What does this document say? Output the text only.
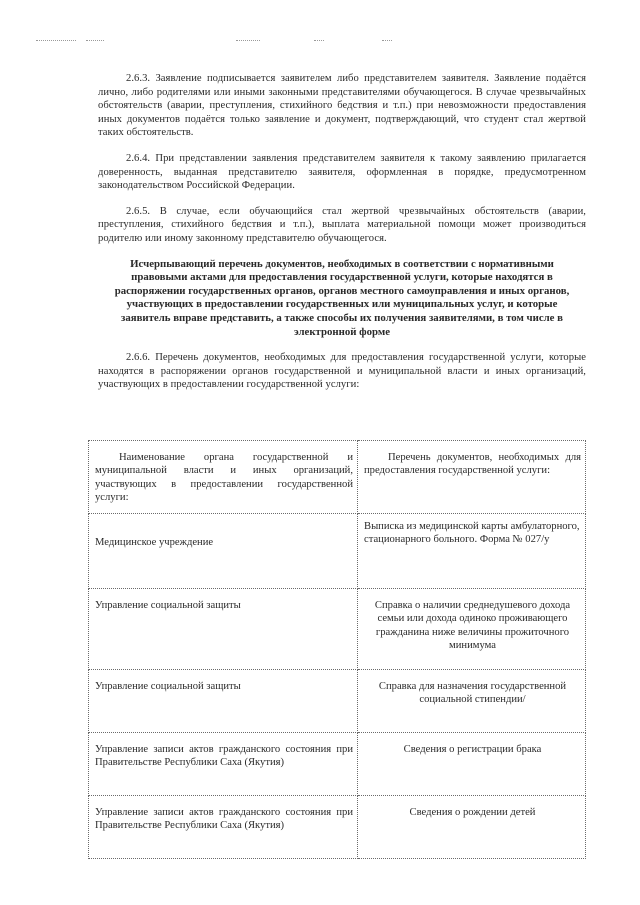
2.6.3. Заявление подписывается заявителем либо представителем заявителя. Заявление подаётся лично, либо родителями или иными законными представителями обучающегося. В случае чрезвычайных обстоятельств (аварии, преступления, стихийного бедствия и т.п.) при невозможности предоставления иных документов подаётся только заявление и документ, подтверждающий, что студент стал жертвой таких обстоятельств.

2.6.4. При представлении заявления представителем заявителя к такому заявлению прилагается доверенность, выданная представителю заявителя, оформленная в порядке, предусмотренном законодательством Российской Федерации.

2.6.5. В случае, если обучающийся стал жертвой чрезвычайных обстоятельств (аварии, преступления, стихийного бедствия и т.п.), выплата материальной помощи может производиться родителю или иному законному представителю обучающегося.

Исчерпывающий перечень документов, необходимых в соответствии с нормативными правовыми актами для предоставления государственной услуги, которые находятся в распоряжении государственных органов, органов местного самоуправления и иных органов, участвующих в предоставлении государственных или муниципальных услуг, и которые заявитель вправе представить, а также способы их получения заявителями, в том числе в электронной форме

2.6.6. Перечень документов, необходимых для предоставления государственной услуги, которые находятся в распоряжении органов государственной и муниципальной власти и иных организаций, участвующих в предоставлении государственной услуги:

Наименование органа государственной и муниципальной власти и иных организаций, участвующих в предоставлении государственной услуги:	Перечень документов, необходимых для предоставления государственной услуги:
Медицинское учреждение	Выписка из медицинской карты амбулаторного, стационарного больного. Форма № 027/у
Управление социальной защиты	Справка о наличии среднедушевого дохода семьи или дохода одиноко проживающего гражданина ниже величины прожиточного минимума
Управление социальной защиты	Справка для назначения государственной социальной стипендии/
Управление записи актов гражданского состояния при Правительстве Республики Саха (Якутия)	Сведения о регистрации брака
Управление записи актов гражданского состояния при Правительстве Республики Саха (Якутия)	Сведения о рождении детей
